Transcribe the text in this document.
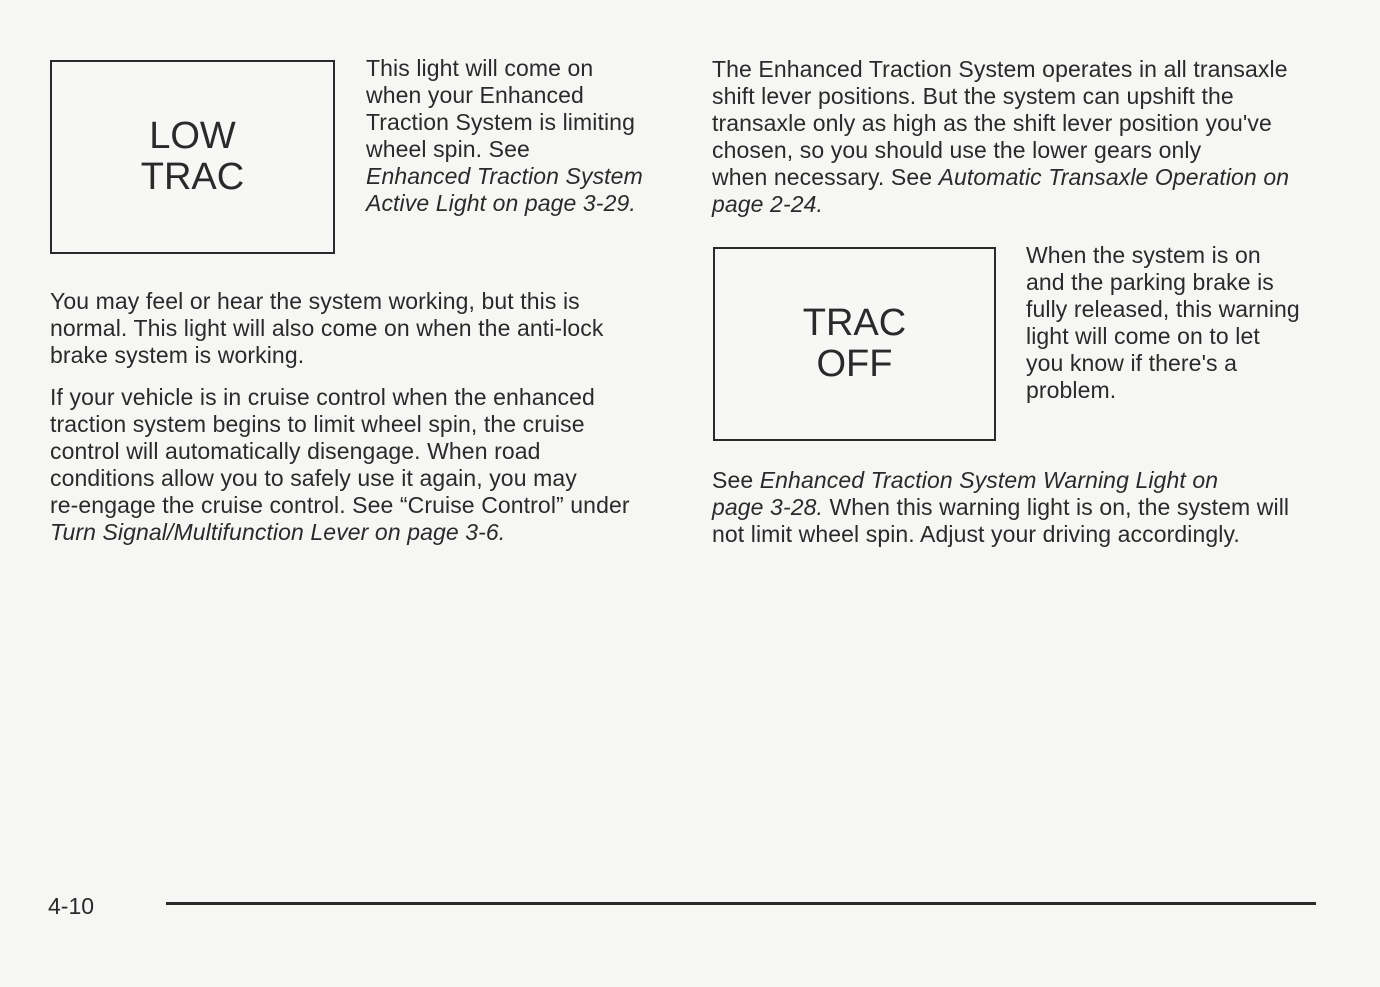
LOW
TRAC

This light will come on
when your Enhanced
Traction System is limiting
wheel spin. See
Enhanced Traction System
Active Light on page 3-29.

You may feel or hear the system working, but this is
normal. This light will also come on when the anti-lock
brake system is working.

If your vehicle is in cruise control when the enhanced
traction system begins to limit wheel spin, the cruise
control will automatically disengage. When road
conditions allow you to safely use it again, you may
re-engage the cruise control. See “Cruise Control” under
Turn Signal/Multifunction Lever on page 3-6.

The Enhanced Traction System operates in all transaxle
shift lever positions. But the system can upshift the
transaxle only as high as the shift lever position you've
chosen, so you should use the lower gears only
when necessary. See Automatic Transaxle Operation on
page 2-24.

TRAC
OFF

When the system is on
and the parking brake is
fully released, this warning
light will come on to let
you know if there's a
problem.

See Enhanced Traction System Warning Light on
page 3-28. When this warning light is on, the system will
not limit wheel spin. Adjust your driving accordingly.

4-10
